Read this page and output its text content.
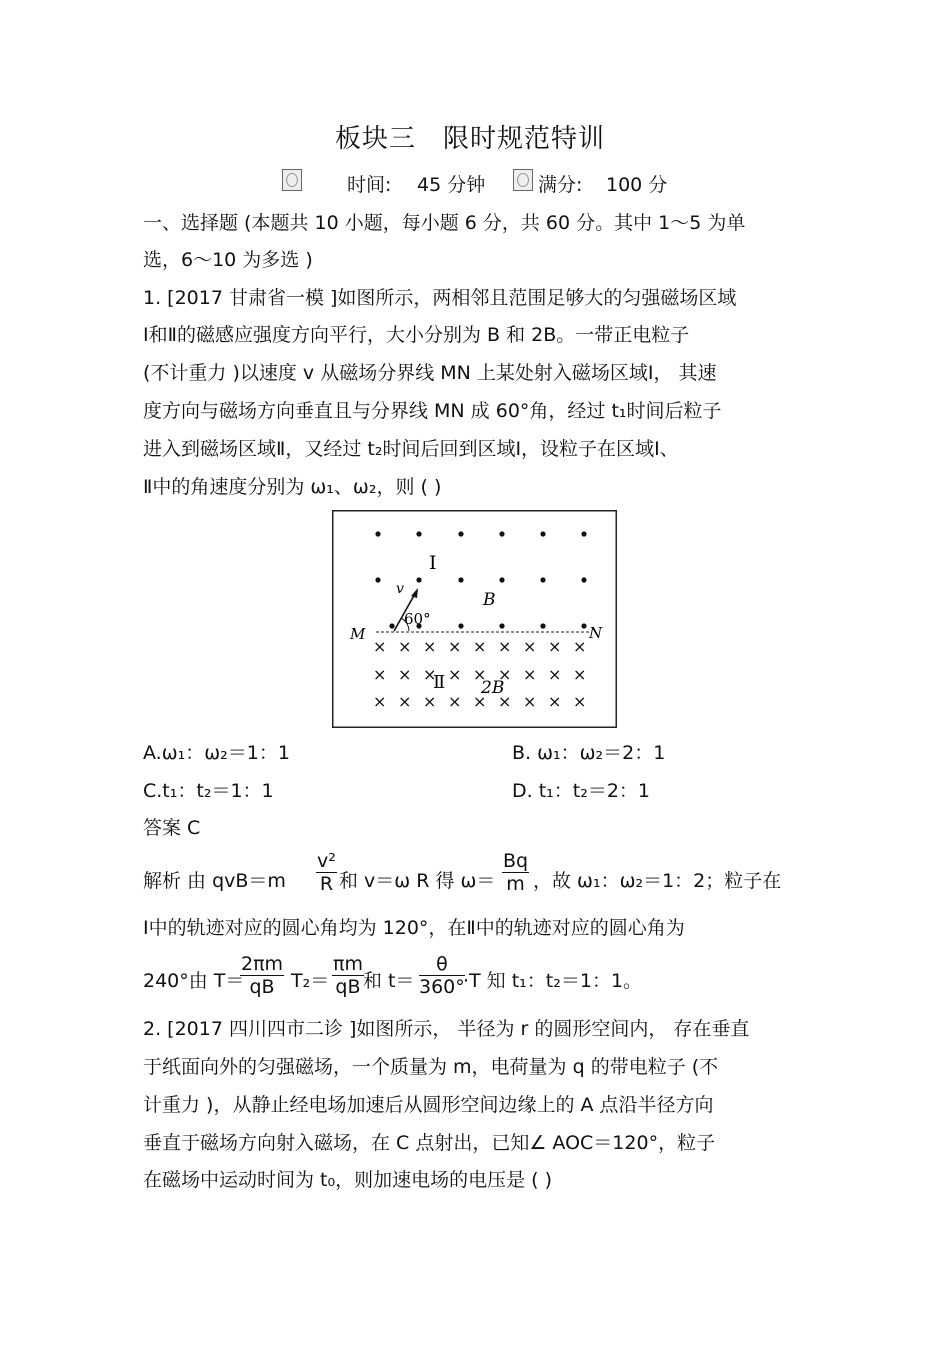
板块三　限时规范特训
时间: 45 分钟	满分: 100 分
一、选择题 (本题共 10 小题，每小题 6 分，共 60 分。其中 1～5 为单
选，6～10 为多选 )
1. [2017 甘肃省一模 ]如图所示，两相邻且范围足够大的匀强磁场区域
Ⅰ和Ⅱ的磁感应强度方向平行，大小分别为 B 和 2B。一带正电粒子
(不计重力 )以速度 v 从磁场分界线 MN 上某处射入磁场区域Ⅰ， 其速
度方向与磁场方向垂直且与分界线 MN 成 60°角，经过 t₁时间后粒子
进入到磁场区域Ⅱ，又经过 t₂时间后回到区域Ⅰ，设粒子在区域Ⅰ、
Ⅱ中的角速度分别为 ω₁、ω₂，则 ( )
Ⅰ
v
B
60°
M	N
× × × × × × × × ×
× × × × × × × × ×
× × × × × × × × ×
Ⅱ 2B
A.ω₁：ω₂＝1：1	B. ω₁：ω₂＝2：1
C.t₁：t₂＝1：1	D. t₁：t₂＝2：1
答案 C
解析 由 $qvB=m \frac{\text{v²}}{R}$ 和 v＝ω R 得 $\omega= \frac{Bq}{m}$ ，故 ω₁：ω₂＝1：2；粒子在
Ⅰ中的轨迹对应的圆心角均为 120°，在Ⅱ中的轨迹对应的圆心角为
240°由 T＝
$\frac{2\pi m}{qB} T_2= \frac{\pi m}{qB}$ 和 $t= \frac{\theta}{360^\circ}$
·T 知 t₁：t₂＝1：1。
2. [2017 四川四市二诊 ]如图所示， 半径为 r 的圆形空间内， 存在垂直
于纸面向外的匀强磁场，一个质量为 m，电荷量为 q 的带电粒子 (不
计重力 )，从静止经电场加速后从圆形空间边缘上的 A 点沿半径方向
垂直于磁场方向射入磁场，在 C 点射出，已知∠ AOC＝120°，粒子
在磁场中运动时间为 t₀，则加速电场的电压是 ( )
